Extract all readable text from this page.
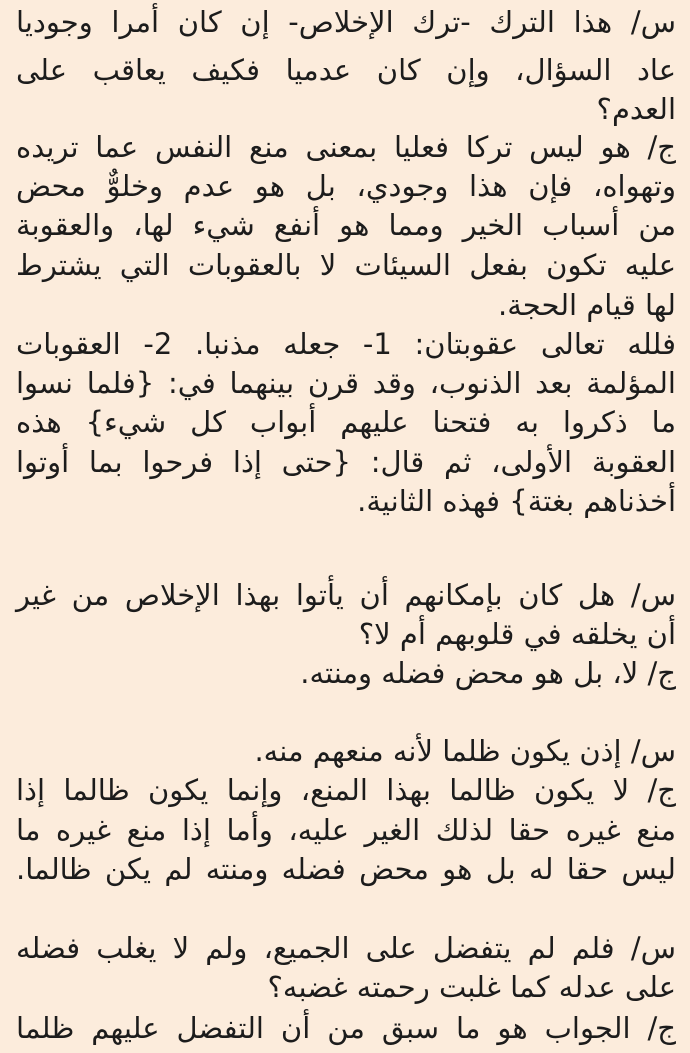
س/ هذا الترك -ترك الإخلاص- إن كان أمرا وجوديا
عاد السؤال، وإن كان عدميا فكيف يعاقب على
العدم؟
ج/ هو ليس تركا فعليا بمعنى منع النفس عما تريده
وتهواه، فإن هذا وجودي، بل هو عدم وخلوٌّ محض
من أسباب الخير ومما هو أنفع شيء لها، والعقوبة
عليه تكون بفعل السيئات لا بالعقوبات التي يشترط
لها قيام الحجة.
فلله تعالى عقوبتان: 1- جعله مذنبا. 2- العقوبات
المؤلمة بعد الذنوب، وقد قرن بينهما في: {فلما نسوا
ما ذكروا به فتحنا عليهم أبواب كل شيء} هذه
العقوبة الأولى، ثم قال: {حتى إذا فرحوا بما أوتوا
أخذناهم بغتة} فهذه الثانية.
س/ هل كان بإمكانهم أن يأتوا بهذا الإخلاص من غير
أن يخلقه في قلوبهم أم لا؟
ج/ لا، بل هو محض فضله ومنته.
س/ إذن يكون ظلما لأنه منعهم منه.
ج/ لا يكون ظالما بهذا المنع، وإنما يكون ظالما إذا
منع غيره حقا لذلك الغير عليه، وأما إذا منع غيره ما
ليس حقا له بل هو محض فضله ومنته لم يكن ظالما.
س/ فلم لم يتفضل على الجميع، ولم لا يغلب فضله
على عدله كما غلبت رحمته غضبه؟
ج/ الجواب هو ما سبق من أن التفضل عليهم ظلما
